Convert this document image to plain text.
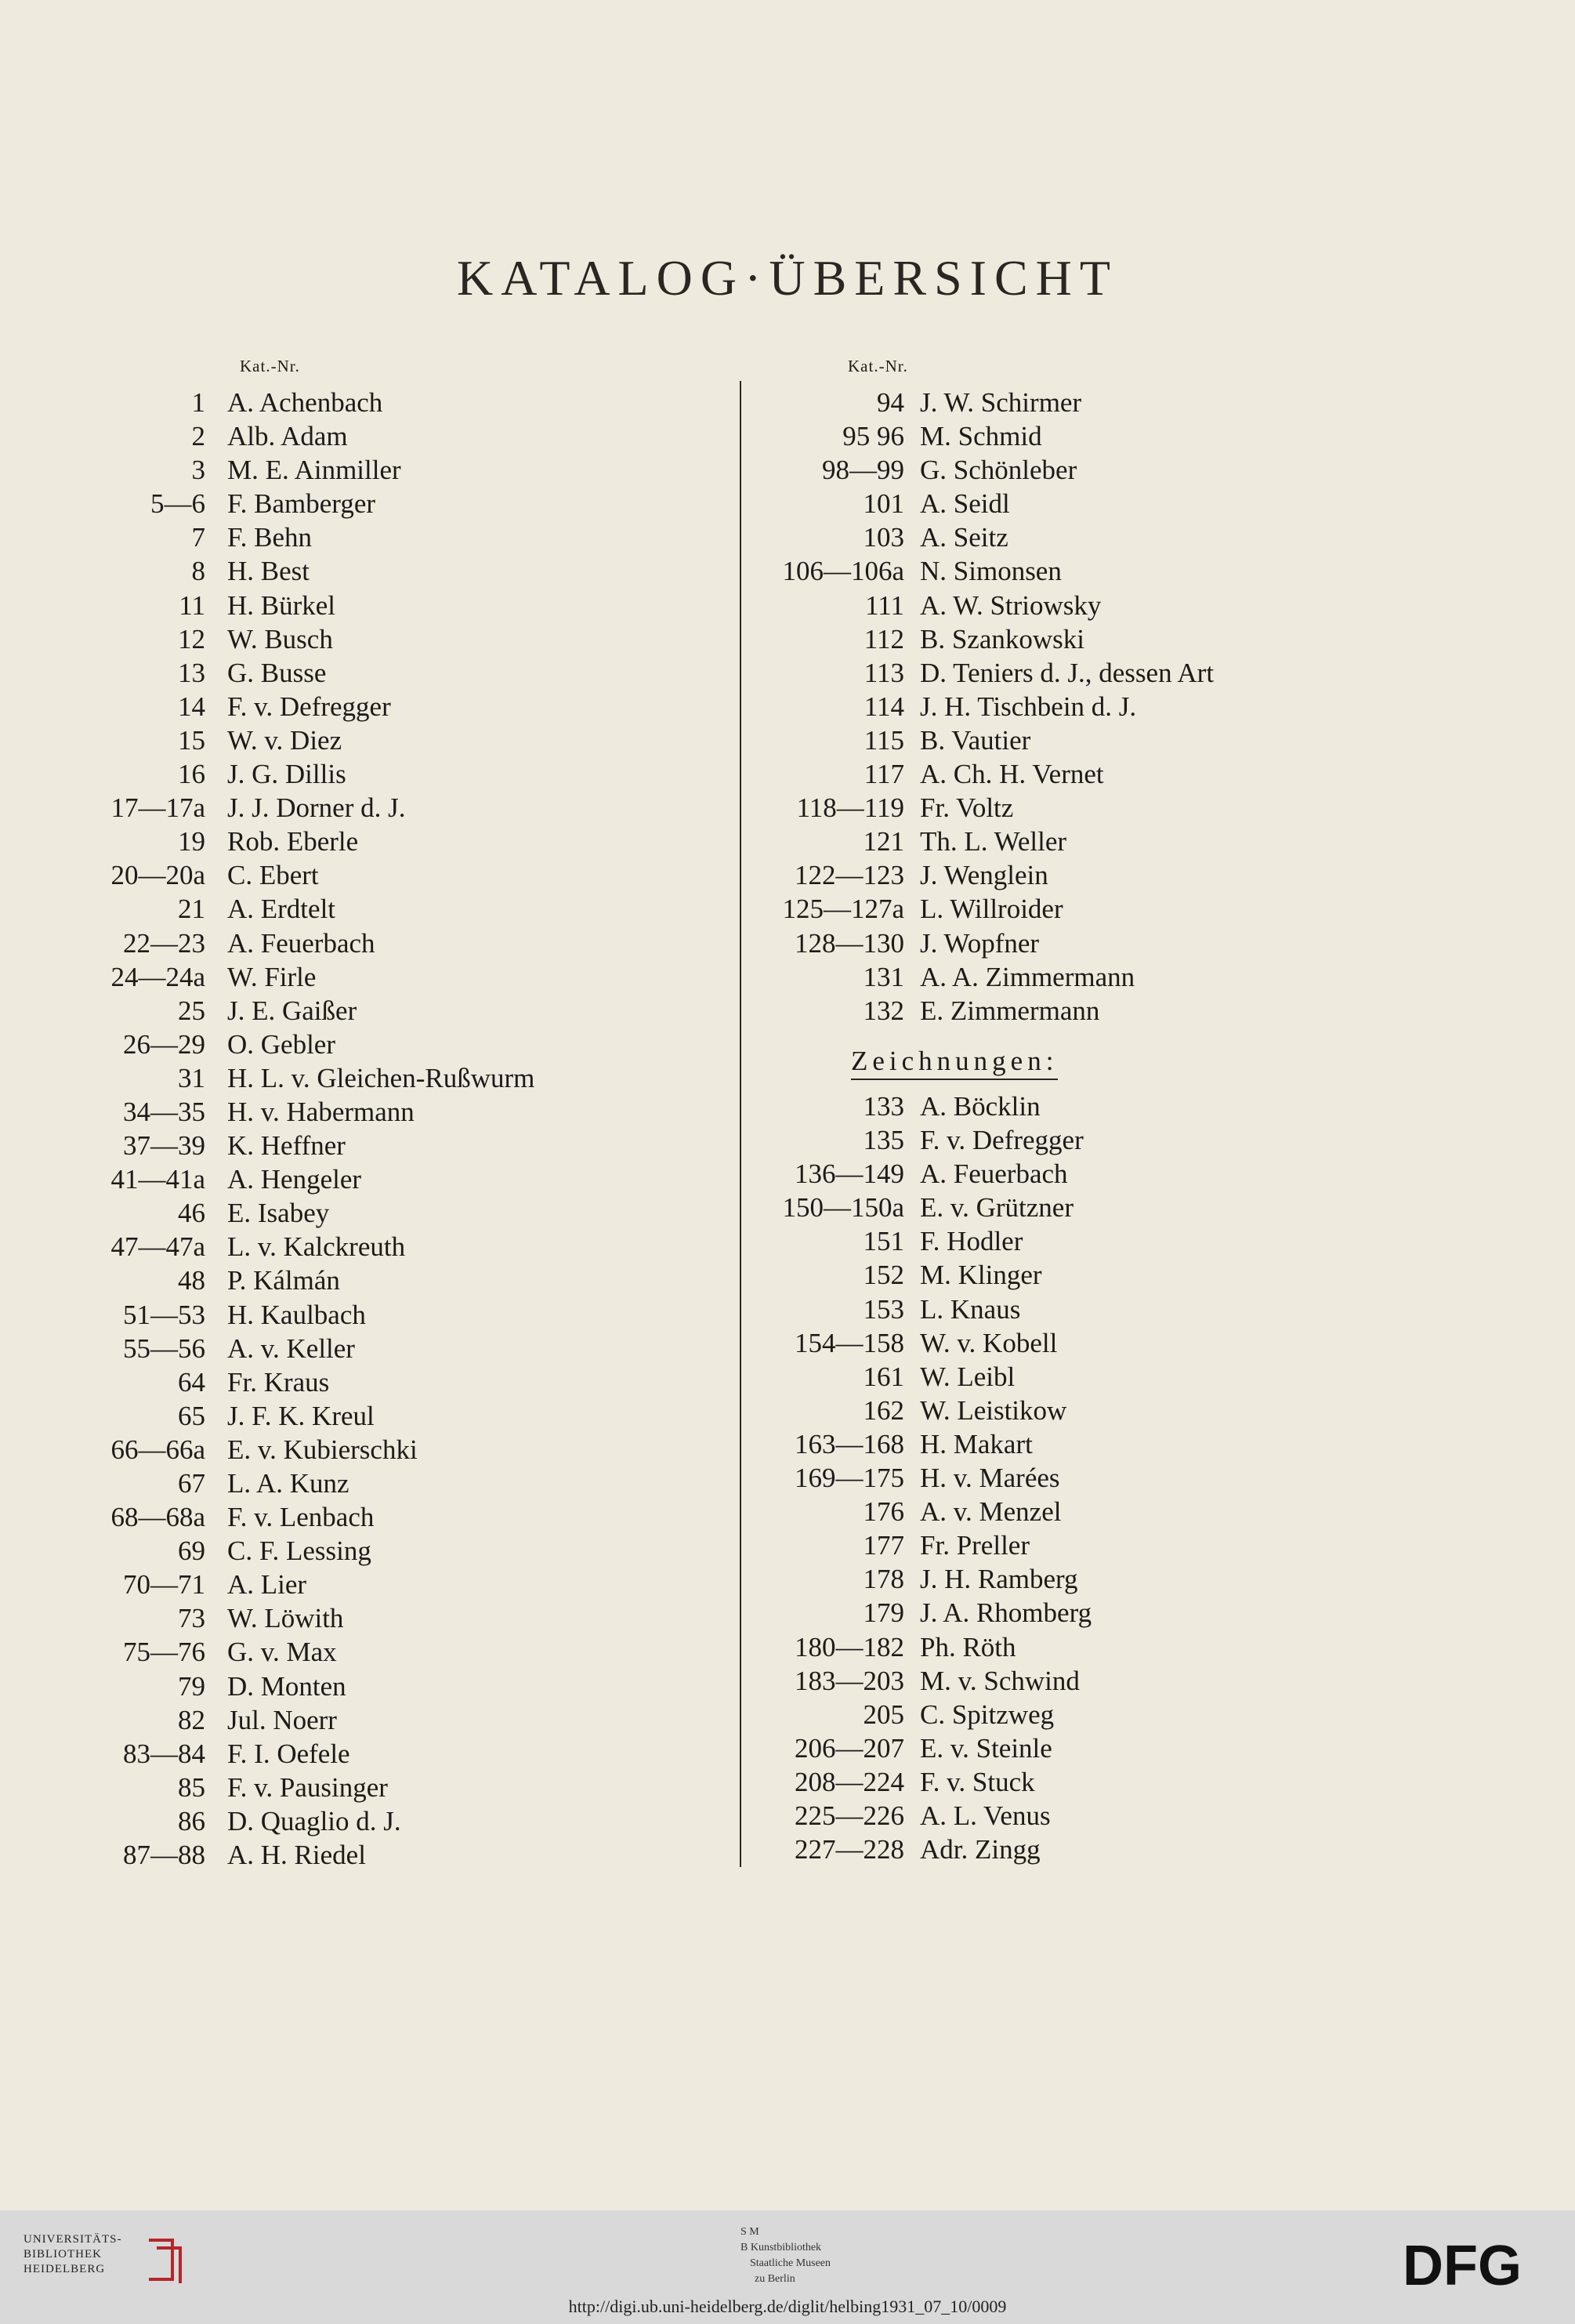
KATALOG·ÜBERSICHT
Kat.-Nr.	Kat.-Nr.
1 A. Achenbach
2 Alb. Adam
3 M. E. Ainmiller
5—6 F. Bamberger
7 F. Behn
8 H. Best
11 H. Bürkel
12 W. Busch
13 G. Busse
14 F. v. Defregger
15 W. v. Diez
16 J. G. Dillis
17—17a J. J. Dorner d. J.
19 Rob. Eberle
20—20a C. Ebert
21 A. Erdtelt
22—23 A. Feuerbach
24—24a W. Firle
25 J. E. Gaißer
26—29 O. Gebler
31 H. L. v. Gleichen-Rußwurm
34—35 H. v. Habermann
37—39 K. Heffner
41—41a A. Hengeler
46 E. Isabey
47—47a L. v. Kalckreuth
48 P. Kálmán
51—53 H. Kaulbach
55—56 A. v. Keller
64 Fr. Kraus
65 J. F. K. Kreul
66—66a E. v. Kubierschki
67 L. A. Kunz
68—68a F. v. Lenbach
69 C. F. Lessing
70—71 A. Lier
73 W. Löwith
75—76 G. v. Max
79 D. Monten
82 Jul. Noerr
83—84 F. I. Oefele
85 F. v. Pausinger
86 D. Quaglio d. J.
87—88 A. H. Riedel
94 J. W. Schirmer
95 96 M. Schmid
98—99 G. Schönleber
101 A. Seidl
103 A. Seitz
106—106a N. Simonsen
111 A. W. Striowsky
112 B. Szankowski
113 D. Teniers d. J., dessen Art
114 J. H. Tischbein d. J.
115 B. Vautier
117 A. Ch. H. Vernet
118—119 Fr. Voltz
121 Th. L. Weller
122—123 J. Wenglein
125—127a L. Willroider
128—130 J. Wopfner
131 A. A. Zimmermann
132 E. Zimmermann
Zeichnungen:
133 A. Böcklin
135 F. v. Defregger
136—149 A. Feuerbach
150—150a E. v. Grützner
151 F. Hodler
152 M. Klinger
153 L. Knaus
154—158 W. v. Kobell
161 W. Leibl
162 W. Leistikow
163—168 H. Makart
169—175 H. v. Marées
176 A. v. Menzel
177 Fr. Preller
178 J. H. Ramberg
179 J. A. Rhomberg
180—182 Ph. Röth
183—203 M. v. Schwind
205 C. Spitzweg
206—207 E. v. Steinle
208—224 F. v. Stuck
225—226 A. L. Venus
227—228 Adr. Zingg
UNIVERSITÄTS-
BIBLIOTHEK
HEIDELBERG
S M
B Kunstbibliothek
Staatliche Museen
zu Berlin	DFG
http://digi.ub.uni-heidelberg.de/diglit/helbing1931_07_10/0009
